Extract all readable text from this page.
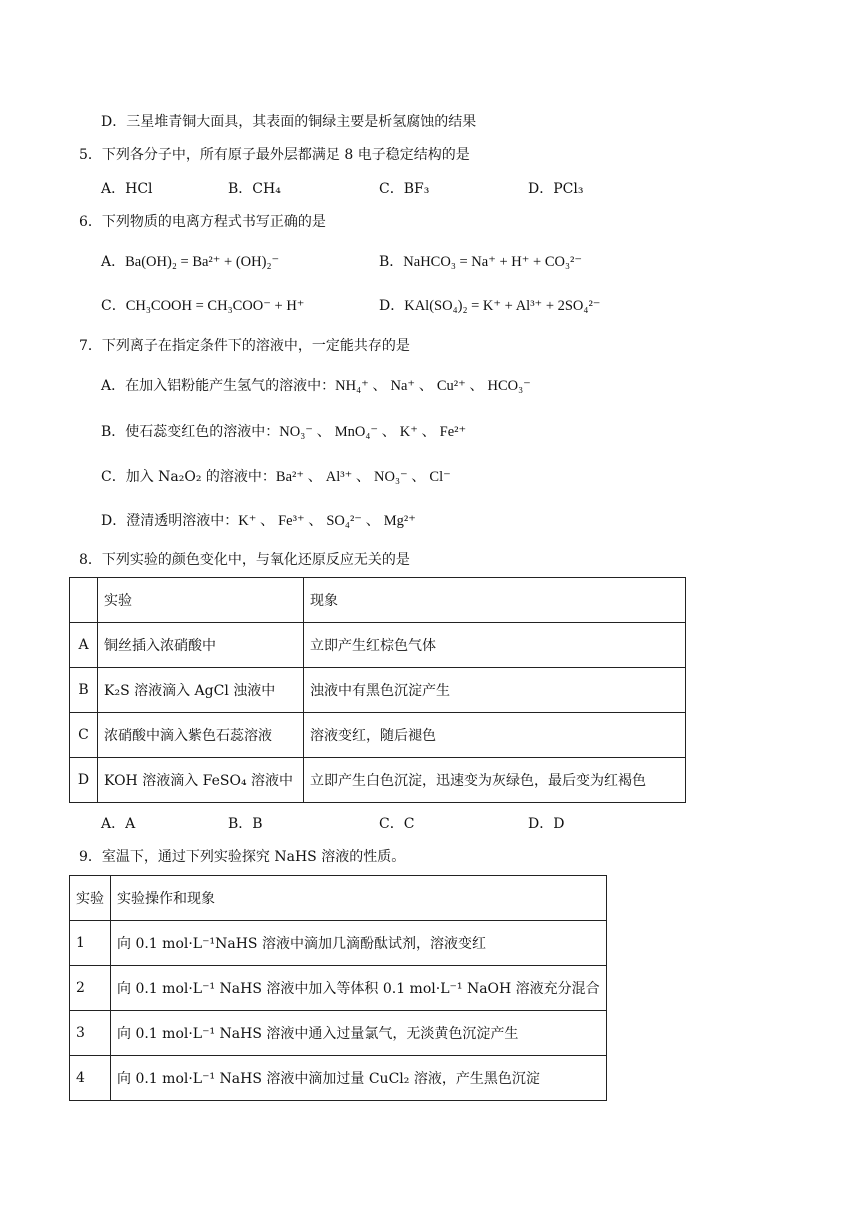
D．三星堆青铜大面具，其表面的铜绿主要是析氢腐蚀的结果
5．下列各分子中，所有原子最外层都满足 8 电子稳定结构的是
A．HCl	B．CH₄	C．BF₃	D．PCl₃
6．下列物质的电离方程式书写正确的是
A．Ba(OH)₂ = Ba²⁺ + (OH)₂⁻	B．NaHCO₃ = Na⁺ + H⁺ + CO₃²⁻
C．CH₃COOH = CH₃COO⁻ + H⁺	D．KAl(SO₄)₂ = K⁺ + Al³⁺ + 2SO₄²⁻
7．下列离子在指定条件下的溶液中，一定能共存的是
A．在加入铝粉能产生氢气的溶液中：NH₄⁺ 、 Na⁺ 、 Cu²⁺ 、 HCO₃⁻
B．使石蕊变红色的溶液中：NO₃⁻ 、 MnO₄⁻ 、 K⁺ 、 Fe²⁺
C．加入 Na₂O₂ 的溶液中：Ba²⁺ 、 Al³⁺ 、 NO₃⁻ 、 Cl⁻
D．澄清透明溶液中：K⁺ 、 Fe³⁺ 、 SO₄²⁻ 、 Mg²⁺
8．下列实验的颜色变化中，与氧化还原反应无关的是
	实验	现象
A	铜丝插入浓硝酸中	立即产生红棕色气体
B	K₂S 溶液滴入 AgCl 浊液中	浊液中有黑色沉淀产生
C	浓硝酸中滴入紫色石蕊溶液	溶液变红，随后褪色
D	KOH 溶液滴入 FeSO₄ 溶液中	立即产生白色沉淀，迅速变为灰绿色，最后变为红褐色
A．A	B．B	C．C	D．D
9．室温下，通过下列实验探究 NaHS 溶液的性质。
实验	实验操作和现象
1	向 0.1 mol·L⁻¹NaHS 溶液中滴加几滴酚酞试剂，溶液变红
2	向 0.1 mol·L⁻¹ NaHS 溶液中加入等体积 0.1 mol·L⁻¹ NaOH 溶液充分混合
3	向 0.1 mol·L⁻¹ NaHS 溶液中通入过量氯气，无淡黄色沉淀产生
4	向 0.1 mol·L⁻¹ NaHS 溶液中滴加过量 CuCl₂ 溶液，产生黑色沉淀
